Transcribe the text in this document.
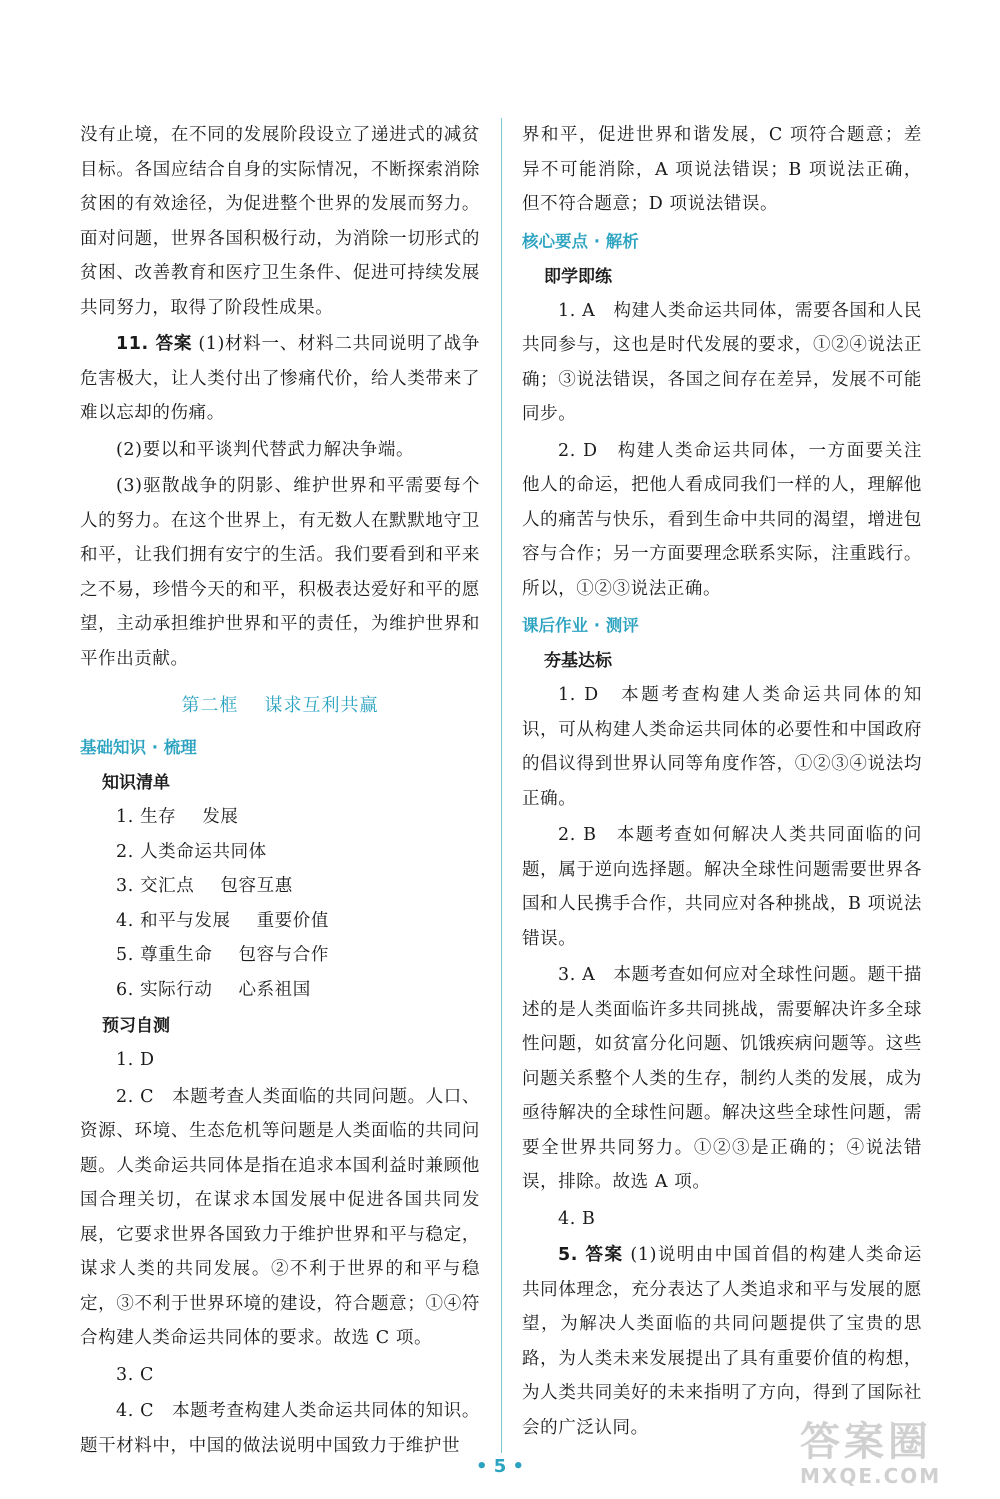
没有止境，在不同的发展阶段设立了递进式的减贫目标。各国应结合自身的实际情况，不断探索消除贫困的有效途径，为促进整个世界的发展而努力。面对问题，世界各国积极行动，为消除一切形式的贫困、改善教育和医疗卫生条件、促进可持续发展共同努力，取得了阶段性成果。

11. 答案 (1)材料一、材料二共同说明了战争危害极大，让人类付出了惨痛代价，给人类带来了难以忘却的伤痛。

(2)要以和平谈判代替武力解决争端。

(3)驱散战争的阴影、维护世界和平需要每个人的努力。在这个世界上，有无数人在默默地守卫和平，让我们拥有安宁的生活。我们要看到和平来之不易，珍惜今天的和平，积极表达爱好和平的愿望，主动承担维护世界和平的责任，为维护世界和平作出贡献。

第二框 谋求互利共赢
基础知识 · 梳理
知识清单
1. 生存 发展
2. 人类命运共同体
3. 交汇点 包容互惠
4. 和平与发展 重要价值
5. 尊重生命 包容与合作
6. 实际行动 心系祖国
预习自测

1. D

2. C　本题考查人类面临的共同问题。人口、资源、环境、生态危机等问题是人类面临的共同问题。人类命运共同体是指在追求本国利益时兼顾他国合理关切，在谋求本国发展中促进各国共同发展，它要求世界各国致力于维护世界和平与稳定，谋求人类的共同发展。②不利于世界的和平与稳定，③不利于世界环境的建设，符合题意；①④符合构建人类命运共同体的要求。故选 C 项。

3. C

4. C　本题考查构建人类命运共同体的知识。题干材料中，中国的做法说明中国致力于维护世

界和平，促进世界和谐发展，C 项符合题意；差异不可能消除，A 项说法错误；B 项说法正确，但不符合题意；D 项说法错误。

核心要点 · 解析
即学即练

1. A　构建人类命运共同体，需要各国和人民共同参与，这也是时代发展的要求，①②④说法正确；③说法错误，各国之间存在差异，发展不可能同步。

2. D　构建人类命运共同体，一方面要关注他人的命运，把他人看成同我们一样的人，理解他人的痛苦与快乐，看到生命中共同的渴望，增进包容与合作；另一方面要理念联系实际，注重践行。所以，①②③说法正确。

课后作业 · 测评
夯基达标

1. D　本题考查构建人类命运共同体的知识，可从构建人类命运共同体的必要性和中国政府的倡议得到世界认同等角度作答，①②③④说法均正确。

2. B　本题考查如何解决人类共同面临的问题，属于逆向选择题。解决全球性问题需要世界各国和人民携手合作，共同应对各种挑战，B 项说法错误。

3. A　本题考查如何应对全球性问题。题干描述的是人类面临许多共同挑战，需要解决许多全球性问题，如贫富分化问题、饥饿疾病问题等。这些问题关系整个人类的生存，制约人类的发展，成为亟待解决的全球性问题。解决这些全球性问题，需要全世界共同努力。①②③是正确的；④说法错误，排除。故选 A 项。

4. B

5. 答案 (1)说明由中国首倡的构建人类命运共同体理念，充分表达了人类追求和平与发展的愿望，为解决人类面临的共同问题提供了宝贵的思路，为人类未来发展提出了具有重要价值的构想，为人类共同美好的未来指明了方向，得到了国际社会的广泛认同。

• 5 •
答案圈
MXQE.COM
